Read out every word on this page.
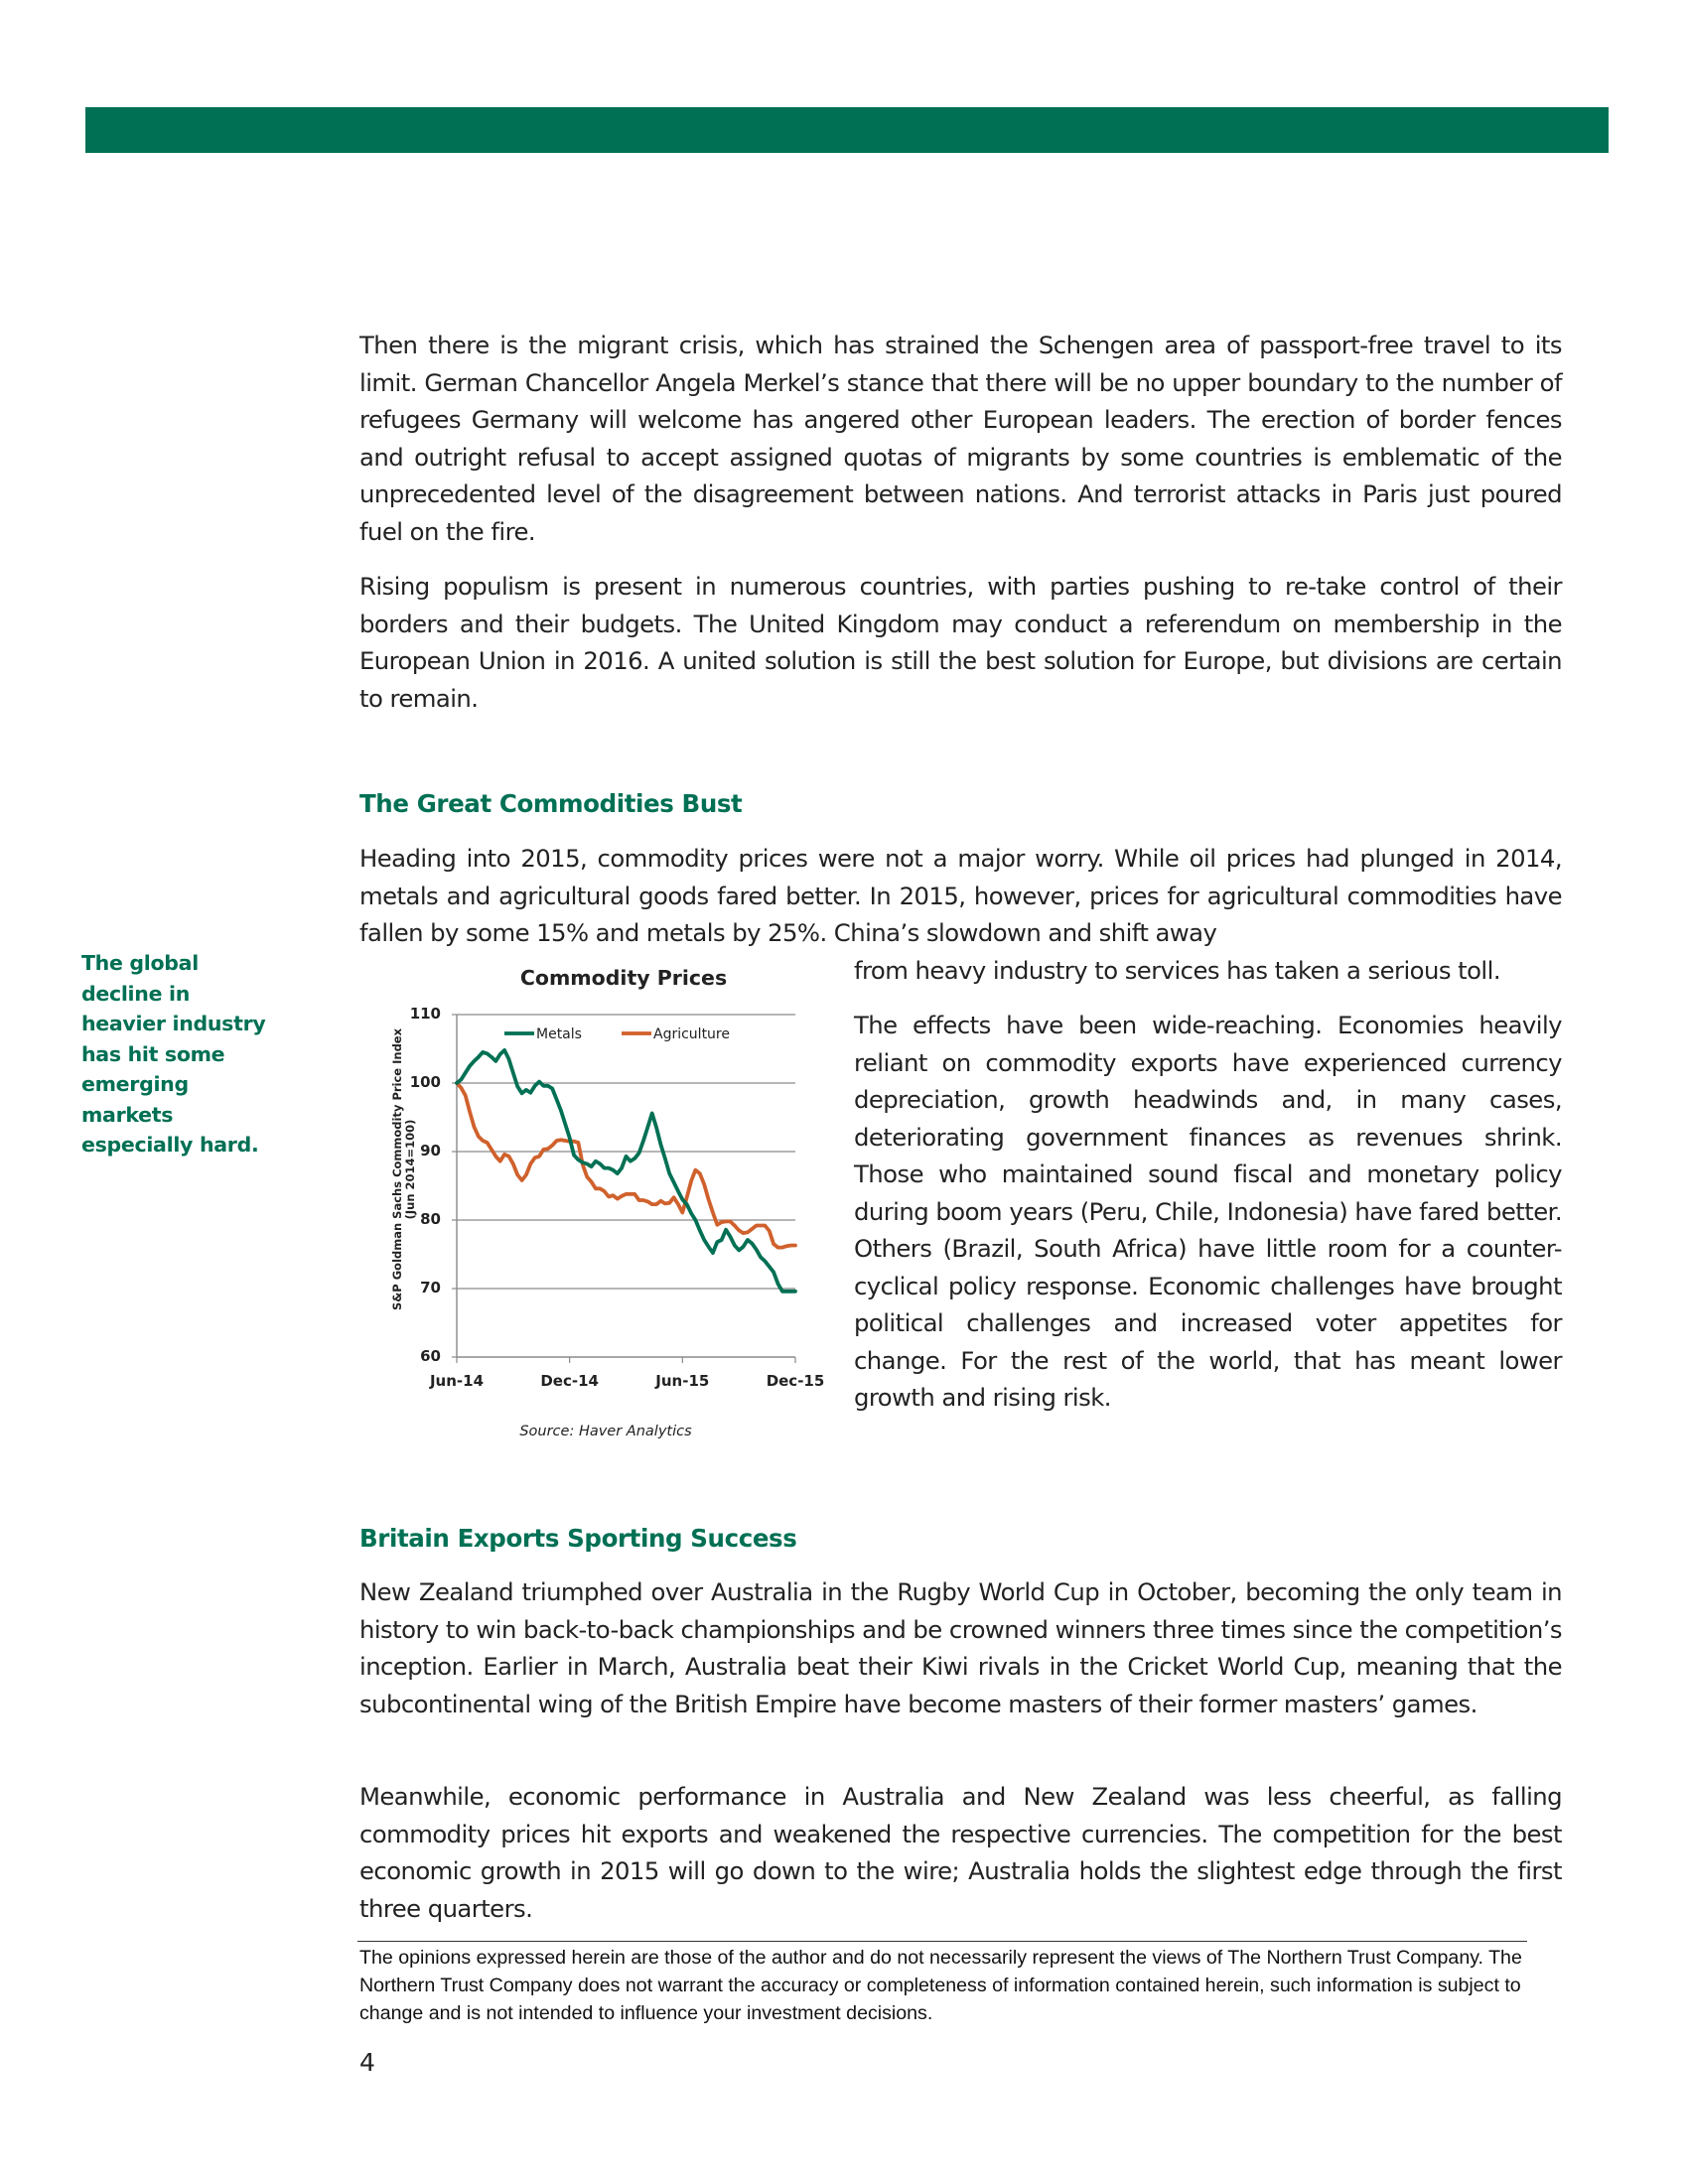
Then there is the migrant crisis, which has strained the Schengen area of passport-free travel to its limit. German Chancellor Angela Merkel’s stance that there will be no upper boundary to the number of refugees Germany will welcome has angered other European leaders. The erection of border fences and outright refusal to accept assigned quotas of migrants by some countries is emblematic of the unprecedented level of the disagreement between nations. And terrorist attacks in Paris just poured fuel on the fire.

Rising populism is present in numerous countries, with parties pushing to re-take control of their borders and their budgets. The United Kingdom may conduct a referendum on membership in the European Union in 2016. A united solution is still the best solution for Europe, but divisions are certain to remain.

The Great Commodities Bust

Heading into 2015, commodity prices were not a major worry. While oil prices had plunged in 2014, metals and agricultural goods fared better. In 2015, however, prices for agricultural commodities have fallen by some 15% and metals by 25%. China’s slowdown and shift away

from heavy industry to services has taken a serious toll.

The effects have been wide-reaching. Economies heavily reliant on commodity exports have experienced currency depreciation, growth headwinds and, in many cases, deteriorating government finances as revenues shrink. Those who maintained sound fiscal and monetary policy during boom years (Peru, Chile, Indonesia) have fared better. Others (Brazil, South Africa) have little room for a counter-cyclical policy response. Economic challenges have brought political challenges and increased voter appetites for change. For the rest of the world, that has meant lower growth and rising risk.

The global decline in heavier industry has hit some emerging markets especially hard.

Commodity Prices
S&P Goldman Sachs Commodity Price Index (Jun 2014=100)
60
70
80
90
100
110
Jun-14	Dec-14	Jun-15	Dec-15
Metals	Agriculture
Source: Haver Analytics

Britain Exports Sporting Success

New Zealand triumphed over Australia in the Rugby World Cup in October, becoming the only team in history to win back-to-back championships and be crowned winners three times since the competition’s inception. Earlier in March, Australia beat their Kiwi rivals in the Cricket World Cup, meaning that the subcontinental wing of the British Empire have become masters of their former masters’ games.

Meanwhile, economic performance in Australia and New Zealand was less cheerful, as falling commodity prices hit exports and weakened the respective currencies. The competition for the best economic growth in 2015 will go down to the wire; Australia holds the slightest edge through the first three quarters.

The opinions expressed herein are those of the author and do not necessarily represent the views of The Northern Trust Company. The Northern Trust Company does not warrant the accuracy or completeness of information contained herein, such information is subject to change and is not intended to influence your investment decisions.

4
